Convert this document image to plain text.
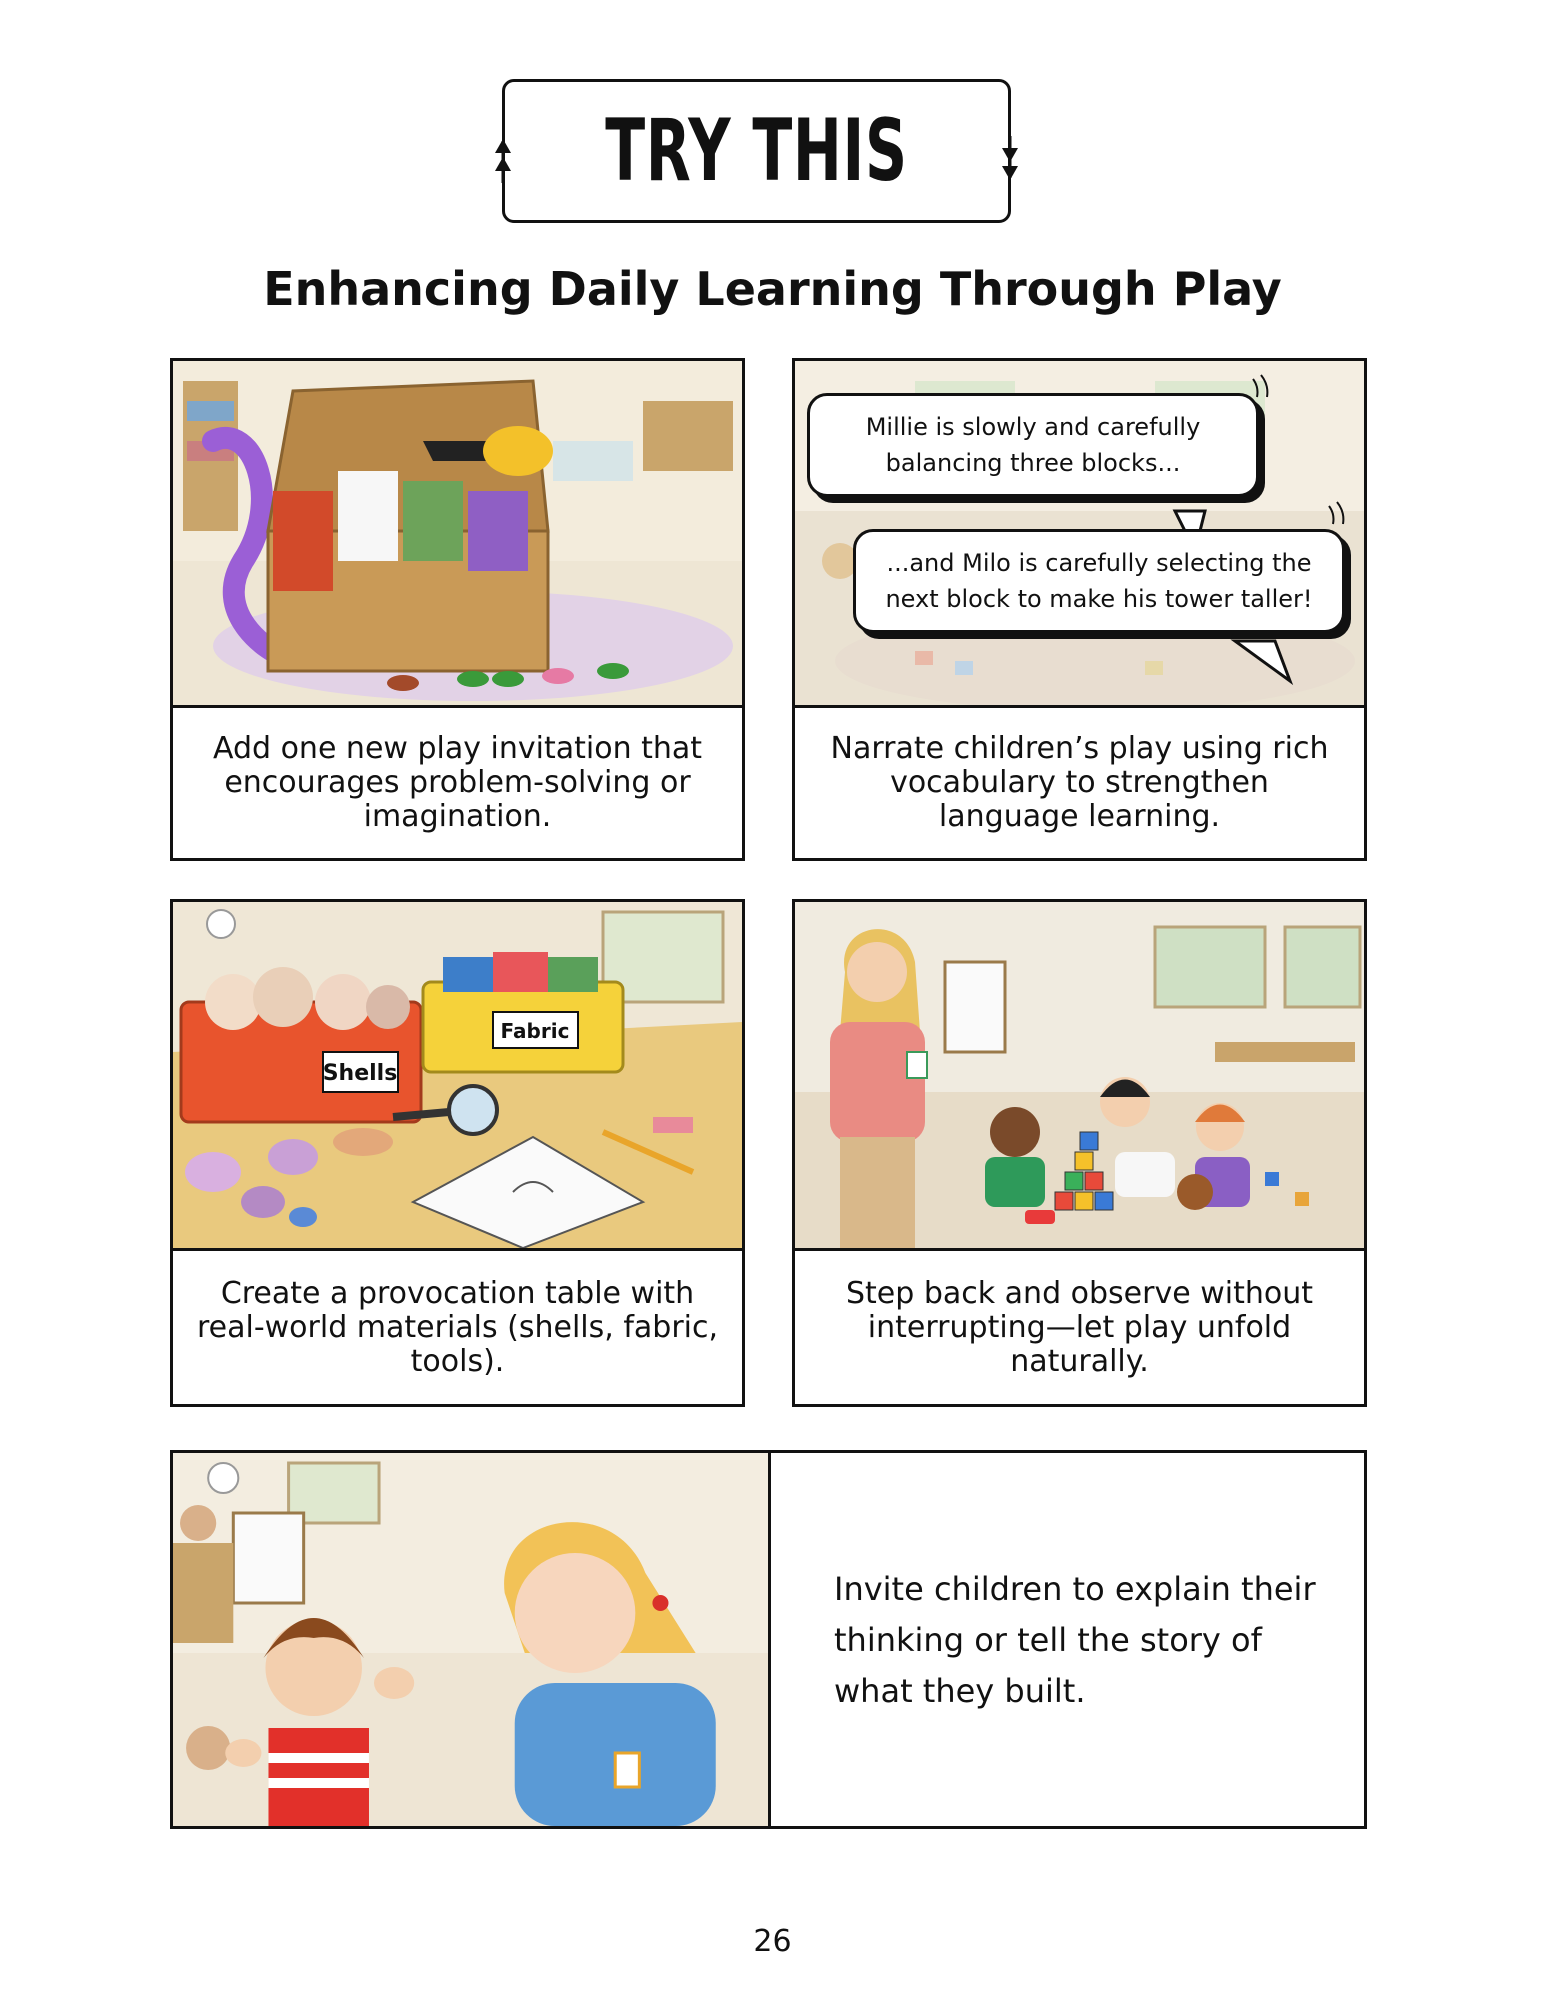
TRY THIS
Enhancing Daily Learning Through Play
Add one new play invitation that encourages problem-solving or imagination.
Millie is slowly and carefully balancing three blocks...
...and Milo is carefully selecting the next block to make his tower taller!
Narrate children’s play using rich vocabulary to strengthen language learning.
Shells
Fabric
Create a provocation table with real-world materials (shells, fabric, tools).
Step back and observe without interrupting—let play unfold naturally.
Invite children to explain their thinking or tell the story of what they built.
26
